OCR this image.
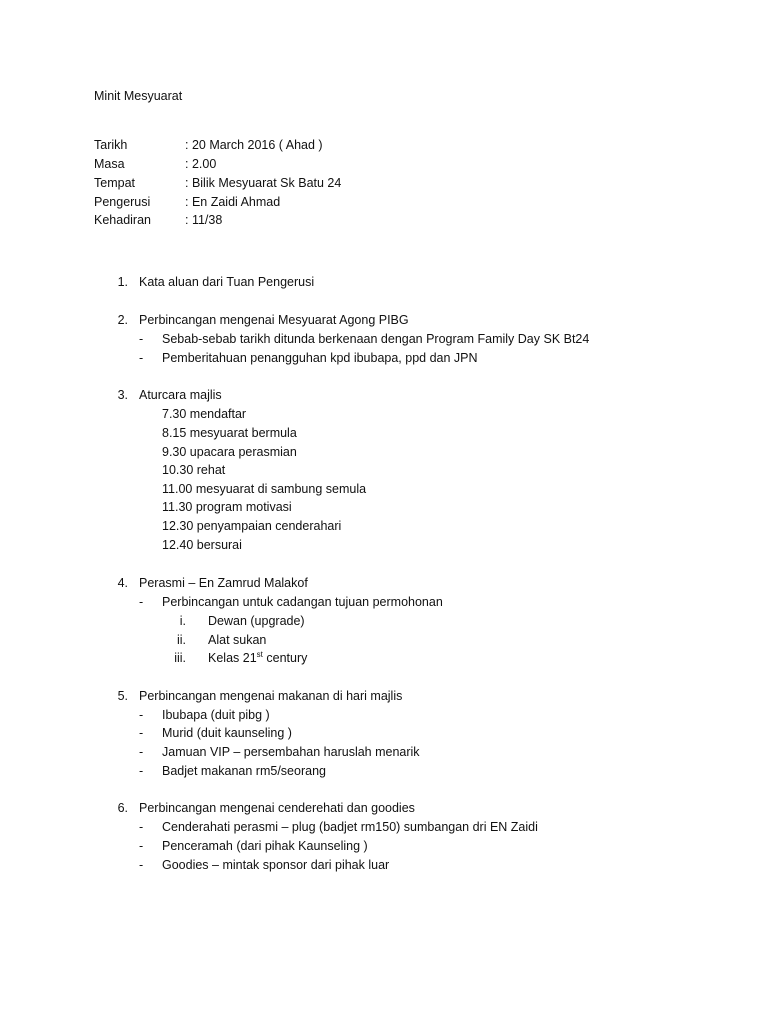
Minit Mesyuarat
Tarikh	: 20 March 2016 ( Ahad )
Masa	: 2.00
Tempat	: Bilik Mesyuarat Sk Batu 24
Pengerusi	: En Zaidi Ahmad
Kehadiran	: 11/38
1. Kata aluan dari Tuan Pengerusi
2. Perbincangan mengenai Mesyuarat Agong PIBG
-	Sebab-sebab tarikh ditunda berkenaan dengan Program Family Day SK Bt24
-	Pemberitahuan penangguhan kpd ibubapa, ppd dan JPN
3. Aturcara majlis
7.30 mendaftar
8.15 mesyuarat bermula
9.30 upacara perasmian
10.30 rehat
11.00 mesyuarat di sambung semula
11.30 program motivasi
12.30 penyampaian cenderahari
12.40 bersurai
4. Perasmi – En Zamrud Malakof
-	Perbincangan untuk cadangan tujuan permohonan
i. Dewan (upgrade)
ii. Alat sukan
iii. Kelas 21st century
5. Perbincangan mengenai makanan di hari majlis
-	Ibubapa (duit pibg )
-	Murid (duit kaunseling )
-	Jamuan VIP – persembahan haruslah menarik
-	Badjet makanan rm5/seorang
6. Perbincangan mengenai cenderehati dan goodies
-	Cenderahati perasmi – plug (badjet rm150) sumbangan dri EN Zaidi
-	Penceramah (dari pihak Kaunseling )
-	Goodies – mintak sponsor dari pihak luar
